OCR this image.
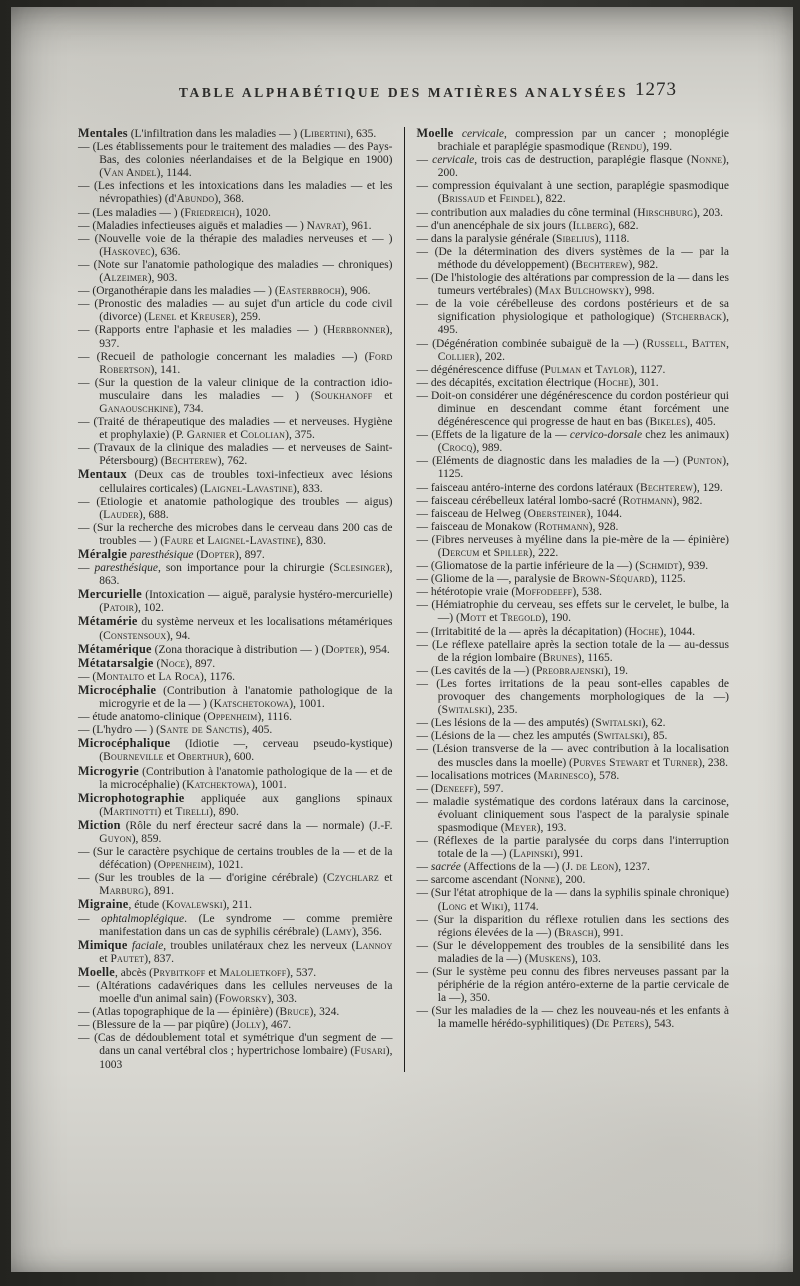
TABLE ALPHABÉTIQUE DES MATIÈRES ANALYSÉES 1273

Mentales (L'infiltration dans les maladies — ) (Libertini), 635.

— (Les établissements pour le traitement des maladies — des Pays-Bas, des colonies néerlandaises et de la Belgique en 1900) (Van Andel), 1144.

— (Les infections et les intoxications dans les maladies — et les névropathies) (d'Abundo), 368.

— (Les maladies — ) (Friedreich), 1020.

— (Maladies infectieuses aiguës et maladies — ) Navrat), 961.

— (Nouvelle voie de la thérapie des maladies nerveuses et — ) (Haskovec), 636.

— (Note sur l'anatomie pathologique des maladies — chroniques) (Alzeimer), 903.

— (Organothérapie dans les maladies — ) (Easterbroch), 906.

— (Pronostic des maladies — au sujet d'un article du code civil (divorce) (Lenel et Kreuser), 259.

— (Rapports entre l'aphasie et les maladies — ) (Herbronner), 937.

— (Recueil de pathologie concernant les maladies —) (Ford Robertson), 141.

— (Sur la question de la valeur clinique de la contraction idio-musculaire dans les maladies — ) (Soukhanoff et Ganaouschkine), 734.

— (Traité de thérapeutique des maladies — et nerveuses. Hygiène et prophylaxie) (P. Garnier et Cololian), 375.

— (Travaux de la clinique des maladies — et nerveuses de Saint-Pétersbourg) (Bechterew), 762.

Mentaux (Deux cas de troubles toxi-infectieux avec lésions cellulaires corticales) (Laignel-Lavastine), 833.

— (Etiologie et anatomie pathologique des troubles — aigus) (Lauder), 688.

— (Sur la recherche des microbes dans le cerveau dans 200 cas de troubles — ) (Faure et Laignel-Lavastine), 830.

Méralgie paresthésique (Dopter), 897.

— paresthésique, son importance pour la chirurgie (Sclesinger), 863.

Mercurielle (Intoxication — aiguë, paralysie hystéro-mercurielle) (Patoir), 102.

Métamérie du système nerveux et les localisations métamériques (Constensoux), 94.

Métamérique (Zona thoracique à distribution — ) (Dopter), 954.

Métatarsalgie (Noce), 897.

— (Montalto et La Roca), 1176.

Microcéphalie (Contribution à l'anatomie pathologique de la microgyrie et de la — ) (Katschetokowa), 1001.

— étude anatomo-clinique (Oppenheim), 1116.

— (L'hydro — ) (Sante de Sanctis), 405.

Microcéphalique (Idiotie —, cerveau pseudo-kystique) (Bourneville et Oberthur), 600.

Microgyrie (Contribution à l'anatomie pathologique de la — et de la microcéphalie) (Katchektowa), 1001.

Microphotographie appliquée aux ganglions spinaux (Martinotti) et Tirelli), 890.

Miction (Rôle du nerf érecteur sacré dans la — normale) (J.-F. Guyon), 859.

— (Sur le caractère psychique de certains troubles de la — et de la défécation) (Oppenheim), 1021.

— (Sur les troubles de la — d'origine cérébrale) (Czychlarz et Marburg), 891.

Migraine, étude (Kovalewski), 211.

— ophtalmoplégique. (Le syndrome — comme première manifestation dans un cas de syphilis cérébrale) (Lamy), 356.

Mimique faciale, troubles unilatéraux chez les nerveux (Lannoy et Pautet), 837.

Moelle, abcès (Prybitkoff et Malolietkoff), 537.

— (Altérations cadavériques dans les cellules nerveuses de la moelle d'un animal sain) (Foworsky), 303.

— (Atlas topographique de la — épinière) (Bruce), 324.

— (Blessure de la — par piqûre) (Jolly), 467.

— (Cas de dédoublement total et symétrique d'un segment de — dans un canal vertébral clos ; hypertrichose lombaire) (Fusari), 1003

Moelle cervicale, compression par un cancer ; monoplégie brachiale et paraplégie spasmodique (Rendu), 199.

— cervicale, trois cas de destruction, paraplégie flasque (Nonne), 200.

— compression équivalant à une section, paraplégie spasmodique (Brissaud et Feindel), 822.

— contribution aux maladies du cône terminal (Hirschburg), 203.

— d'un anencéphale de six jours (Illberg), 682.

— dans la paralysie générale (Sibelius), 1118.

— (De la détermination des divers systèmes de la — par la méthode du développement) (Bechterew), 982.

— (De l'histologie des altérations par compression de la — dans les tumeurs vertébrales) (Max Bulchowsky), 998.

— de la voie cérébelleuse des cordons postérieurs et de sa signification physiologique et pathologique) (Stcherback), 495.

— (Dégénération combinée subaiguë de la —) (Russell, Batten, Collier), 202.

— dégénérescence diffuse (Pulman et Taylor), 1127.

— des décapités, excitation électrique (Hoche), 301.

— Doit-on considérer une dégénérescence du cordon postérieur qui diminue en descendant comme étant forcément une dégénérescence qui progresse de haut en bas (Bikeles), 405.

— (Effets de la ligature de la — cervico-dorsale chez les animaux) (Crocq), 989.

— (Eléments de diagnostic dans les maladies de la —) (Punton), 1125.

— faisceau antéro-interne des cordons latéraux (Bechterew), 129.

— faisceau cérébelleux latéral lombo-sacré (Rothmann), 982.

— faisceau de Helweg (Obersteiner), 1044.

— faisceau de Monakow (Rothmann), 928.

— (Fibres nerveuses à myéline dans la pie-mère de la — épinière) (Dercum et Spiller), 222.

— (Gliomatose de la partie inférieure de la —) (Schmidt), 939.

— (Gliome de la —, paralysie de Brown-Séquard), 1125.

— hétérotopie vraie (Moffodeeff), 538.

— (Hémiatrophie du cerveau, ses effets sur le cervelet, le bulbe, la —) (Mott et Tregold), 190.

— (Irritabitité de la — après la décapitation) (Hoche), 1044.

— (Le réflexe patellaire après la section totale de la — au-dessus de la région lombaire (Brunes), 1165.

— (Les cavités de la —) (Preobrajenski), 19.

— (Les fortes irritations de la peau sont-elles capables de provoquer des changements morphologiques de la —) (Switalski), 235.

— (Les lésions de la — des amputés) (Switalski), 62.

— (Lésions de la — chez les amputés (Switalski), 85.

— (Lésion transverse de la — avec contribution à la localisation des muscles dans la moelle) (Purves Stewart et Turner), 238.

— localisations motrices (Marinesco), 578.

— (Deneeff), 597.

— maladie systématique des cordons latéraux dans la carcinose, évoluant cliniquement sous l'aspect de la paralysie spinale spasmodique (Meyer), 193.

— (Réflexes de la partie paralysée du corps dans l'interruption totale de la —) (Lapinski), 991.

— sacrée (Affections de la —) (J. de Leon), 1237.

— sarcome ascendant (Nonne), 200.

— (Sur l'état atrophique de la — dans la syphilis spinale chronique) (Long et Wiki), 1174.

— (Sur la disparition du réflexe rotulien dans les sections des régions élevées de la —) (Brasch), 991.

— (Sur le développement des troubles de la sensibilité dans les maladies de la —) (Muskens), 103.

— (Sur le système peu connu des fibres nerveuses passant par la périphérie de la région antéro-externe de la partie cervicale de la —), 350.

— (Sur les maladies de la — chez les nouveau-nés et les enfants à la mamelle hérédo-syphilitiques) (De Peters), 543.
